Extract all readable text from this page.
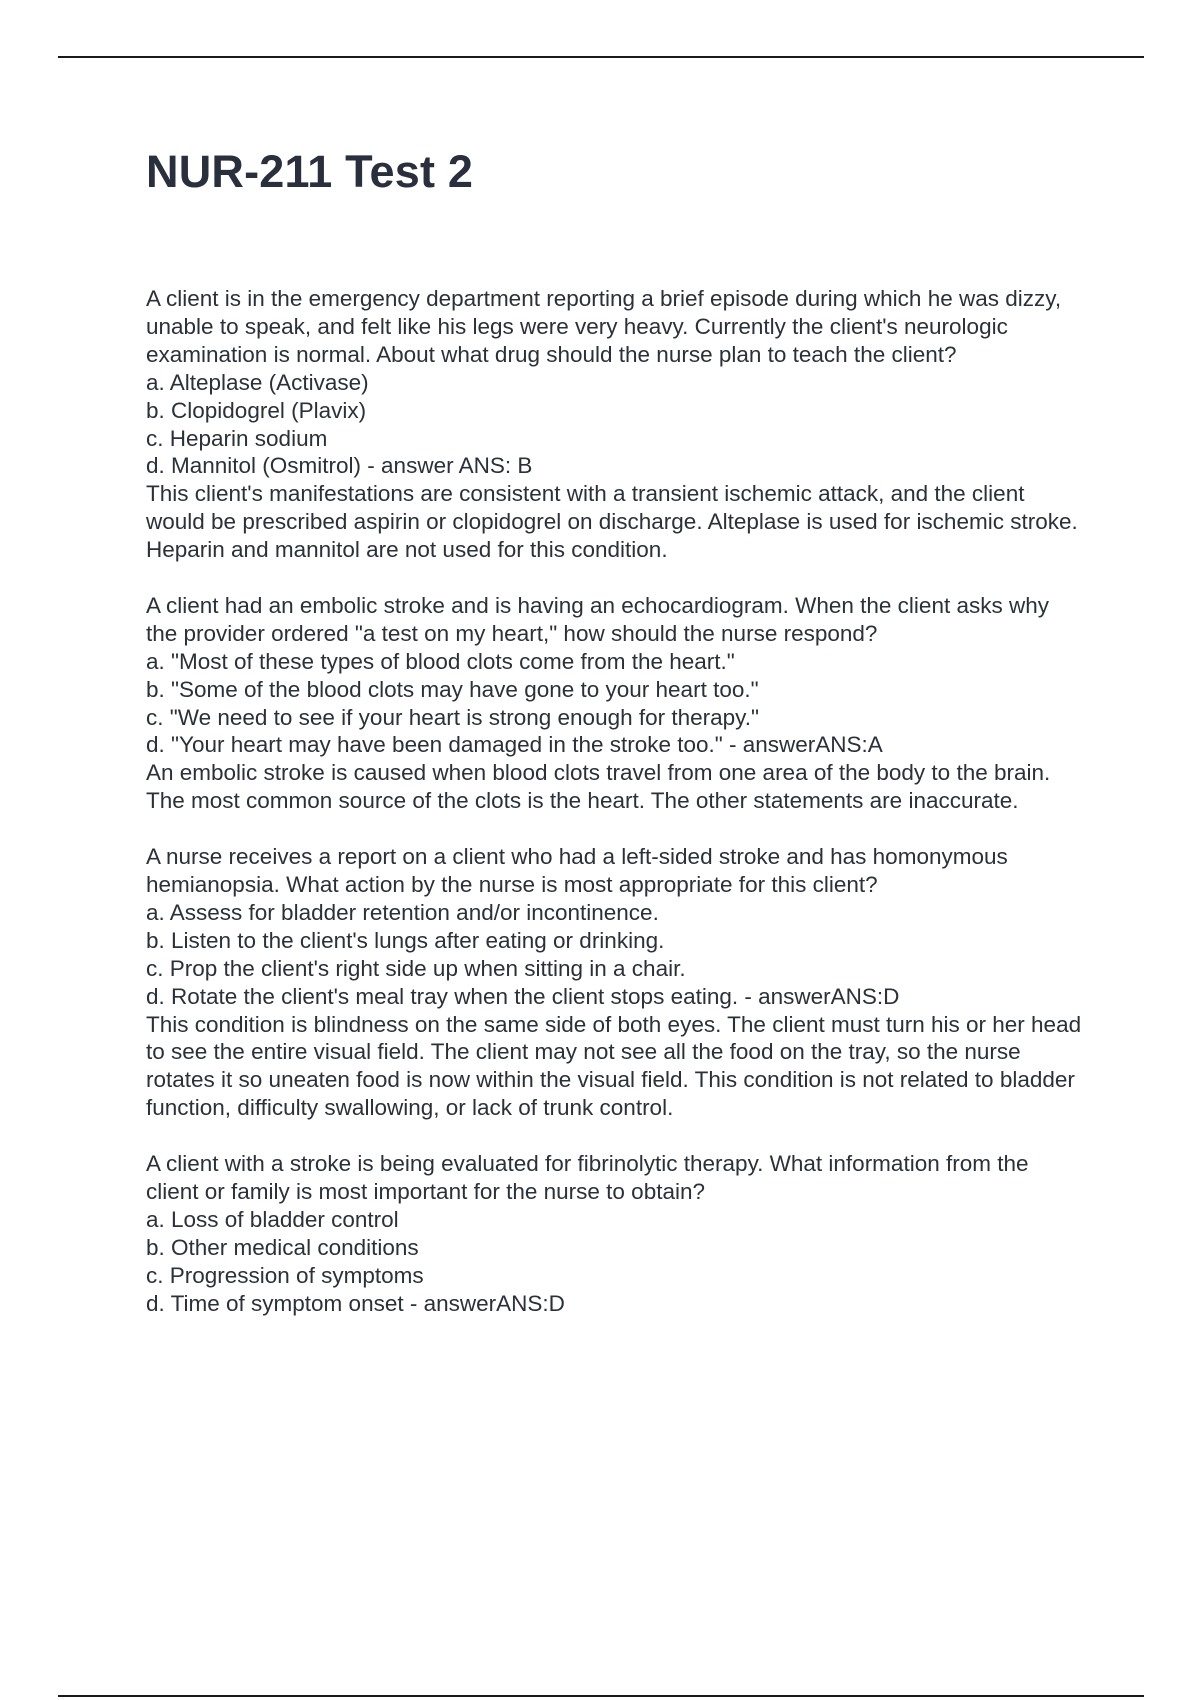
NUR-211 Test 2
A client is in the emergency department reporting a brief episode during which he was dizzy, unable to speak, and felt like his legs were very heavy. Currently the client's neurologic examination is normal. About what drug should the nurse plan to teach the client?
a. Alteplase (Activase)
b. Clopidogrel (Plavix)
c. Heparin sodium
d. Mannitol (Osmitrol) - answer ANS: B
This client's manifestations are consistent with a transient ischemic attack, and the client would be prescribed aspirin or clopidogrel on discharge. Alteplase is used for ischemic stroke. Heparin and mannitol are not used for this condition.
A client had an embolic stroke and is having an echocardiogram. When the client asks why the provider ordered "a test on my heart," how should the nurse respond?
a. "Most of these types of blood clots come from the heart."
b. "Some of the blood clots may have gone to your heart too."
c. "We need to see if your heart is strong enough for therapy."
d. "Your heart may have been damaged in the stroke too." - answerANS:A
An embolic stroke is caused when blood clots travel from one area of the body to the brain. The most common source of the clots is the heart. The other statements are inaccurate.
A nurse receives a report on a client who had a left-sided stroke and has homonymous hemianopsia. What action by the nurse is most appropriate for this client?
a. Assess for bladder retention and/or incontinence.
b. Listen to the client's lungs after eating or drinking.
c. Prop the client's right side up when sitting in a chair.
d. Rotate the client's meal tray when the client stops eating. - answerANS:D
This condition is blindness on the same side of both eyes. The client must turn his or her head to see the entire visual field. The client may not see all the food on the tray, so the nurse rotates it so uneaten food is now within the visual field. This condition is not related to bladder function, difficulty swallowing, or lack of trunk control.
A client with a stroke is being evaluated for fibrinolytic therapy. What information from the client or family is most important for the nurse to obtain?
a. Loss of bladder control
b. Other medical conditions
c. Progression of symptoms
d. Time of symptom onset - answerANS:D
